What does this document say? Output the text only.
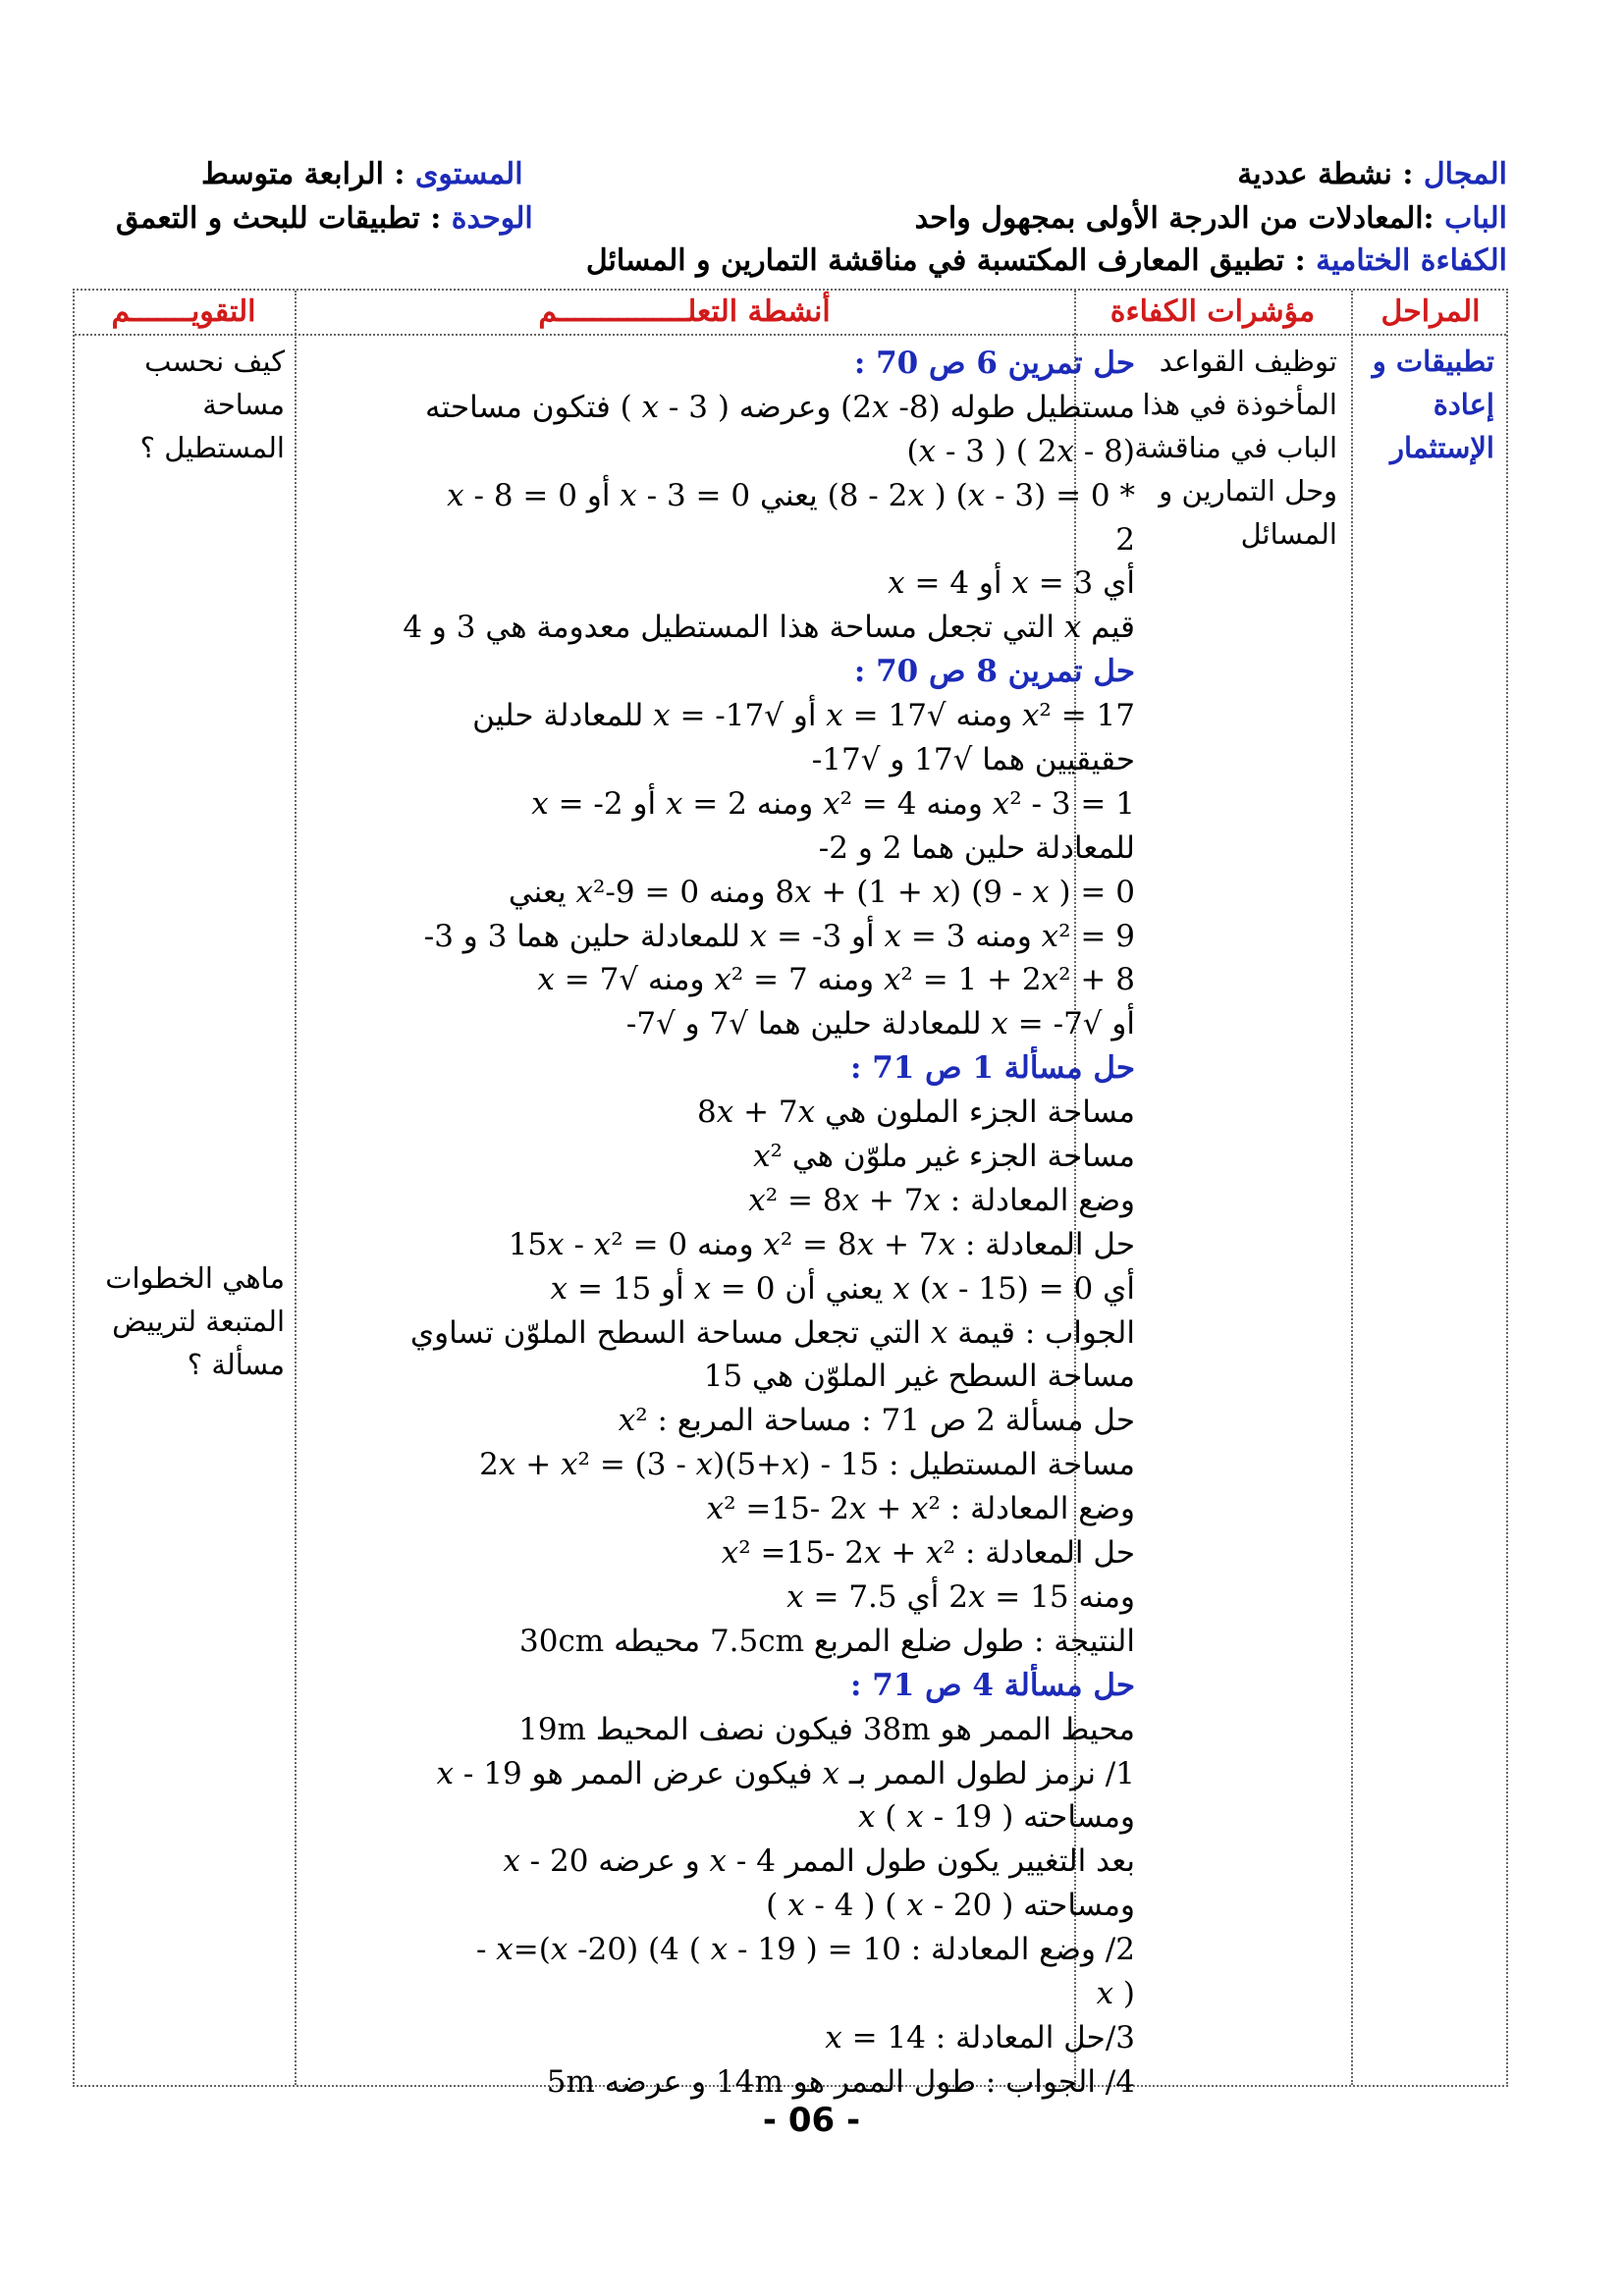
المجال : نشطة عددية
الباب :المعادلات من الدرجة الأولى بمجهول واحد
الكفاءة الختامية : تطبيق المعارف المكتسبة في مناقشة التمارين و المسائل
المستوى : الرابعة متوسط
الوحدة : تطبيقات للبحث و التعمق
المراحل
مؤشرات الكفاءة
أنشطة التعلـــــــــــــــم
التقويـــــــم
تطبيقات و إعادة الإستثمار
توظيف القواعد المأخوذة في هذا الباب في مناقشة وحل التمارين و المسائل
كيف نحسب مساحة المستطيل ؟
ماهي الخطوات المتبعة لترييض مسألة ؟
حل تمرين 6 ص 70 :
مستطيل طوله (8- 2𝑥) وعرضه ( 3 - 𝑥 ) فتكون مساحته
(2𝑥 - 8 ) ( 𝑥 - 3)
* 0 = (𝑥 - 3) ( 8 - 2𝑥) يعني 0 = 3 - 𝑥 أو 0 = 8 - 𝑥
2
أي 3 = 𝑥 أو 4 = 𝑥
قيم 𝑥 التي تجعل مساحة هذا المستطيل معدومة هي 3 و 4
حل تمرين 8 ص 70 :
17 = 𝑥² ومنه √17 = 𝑥 أو √17- = 𝑥 للمعادلة حلين
حقيقيين هما √17 و √17-
1 = 3 - 𝑥² ومنه 4 = 𝑥² ومنه 2 = 𝑥 أو 2- = 𝑥
للمعادلة حلين هما 2 و 2-
0 = 8𝑥 + (1 + 𝑥) (9 - 𝑥 ) ومنه 0 = 9-𝑥² يعني
9 = 𝑥² ومنه 3 = 𝑥 أو 3- = 𝑥 للمعادلة حلين هما 3 و 3-
8 + 𝑥² = 1 + 2𝑥² ومنه 7 = 𝑥² ومنه √7 = 𝑥
أو √7- = 𝑥 للمعادلة حلين هما √7 و √7-
حل مسألة 1 ص 71 :
مساحة الجزء الملون هي 8𝑥 + 7𝑥
مساحة الجزء غير ملوّن هي 𝑥²
وضع المعادلة : 𝑥² = 8𝑥 + 7𝑥
حل المعادلة : 𝑥² = 8𝑥 + 7𝑥 ومنه 0 = 15𝑥 - 𝑥²
أي 0 = (15 - 𝑥) 𝑥 يعني أن 0 = 𝑥 أو 15 = 𝑥
الجواب : قيمة 𝑥 التي تجعل مساحة السطح الملوّن تساوي
مساحة السطح غير الملوّن هي 15
حل مسألة 2 ص 71 : مساحة المربع : 𝑥²
مساحة المستطيل : 15 - 2𝑥 + 𝑥² = (3 - 𝑥)(5+𝑥)
وضع المعادلة : 𝑥² =15- 2𝑥 + 𝑥²
حل المعادلة : 𝑥² =15- 2𝑥 + 𝑥²
ومنه 15 = 2𝑥 أي 7.5 = 𝑥
النتيجة : طول ضلع المربع 7.5cm محيطه 30cm
حل مسألة 4 ص 71 :
محيط الممر هو 38m فيكون نصف المحيط 19m
1/ نرمز لطول الممر بـ 𝑥 فيكون عرض الممر هو 𝑥 - 19
ومساحته ( 𝑥 - 19 ) 𝑥
بعد التغيير يكون طول الممر 4 - 𝑥 و عرضه 𝑥 - 20
ومساحته ( 𝑥 - 20 ) ( 𝑥 - 4 )
2/ وضع المعادلة : 10 = ( 𝑥 - 19 ) 𝑥=(𝑥 -20) (4 -
( 𝑥
3/حل المعادلة : 14 = 𝑥
4/ الجواب : طول الممر هو 14m و عرضه 5m
- 06 -
